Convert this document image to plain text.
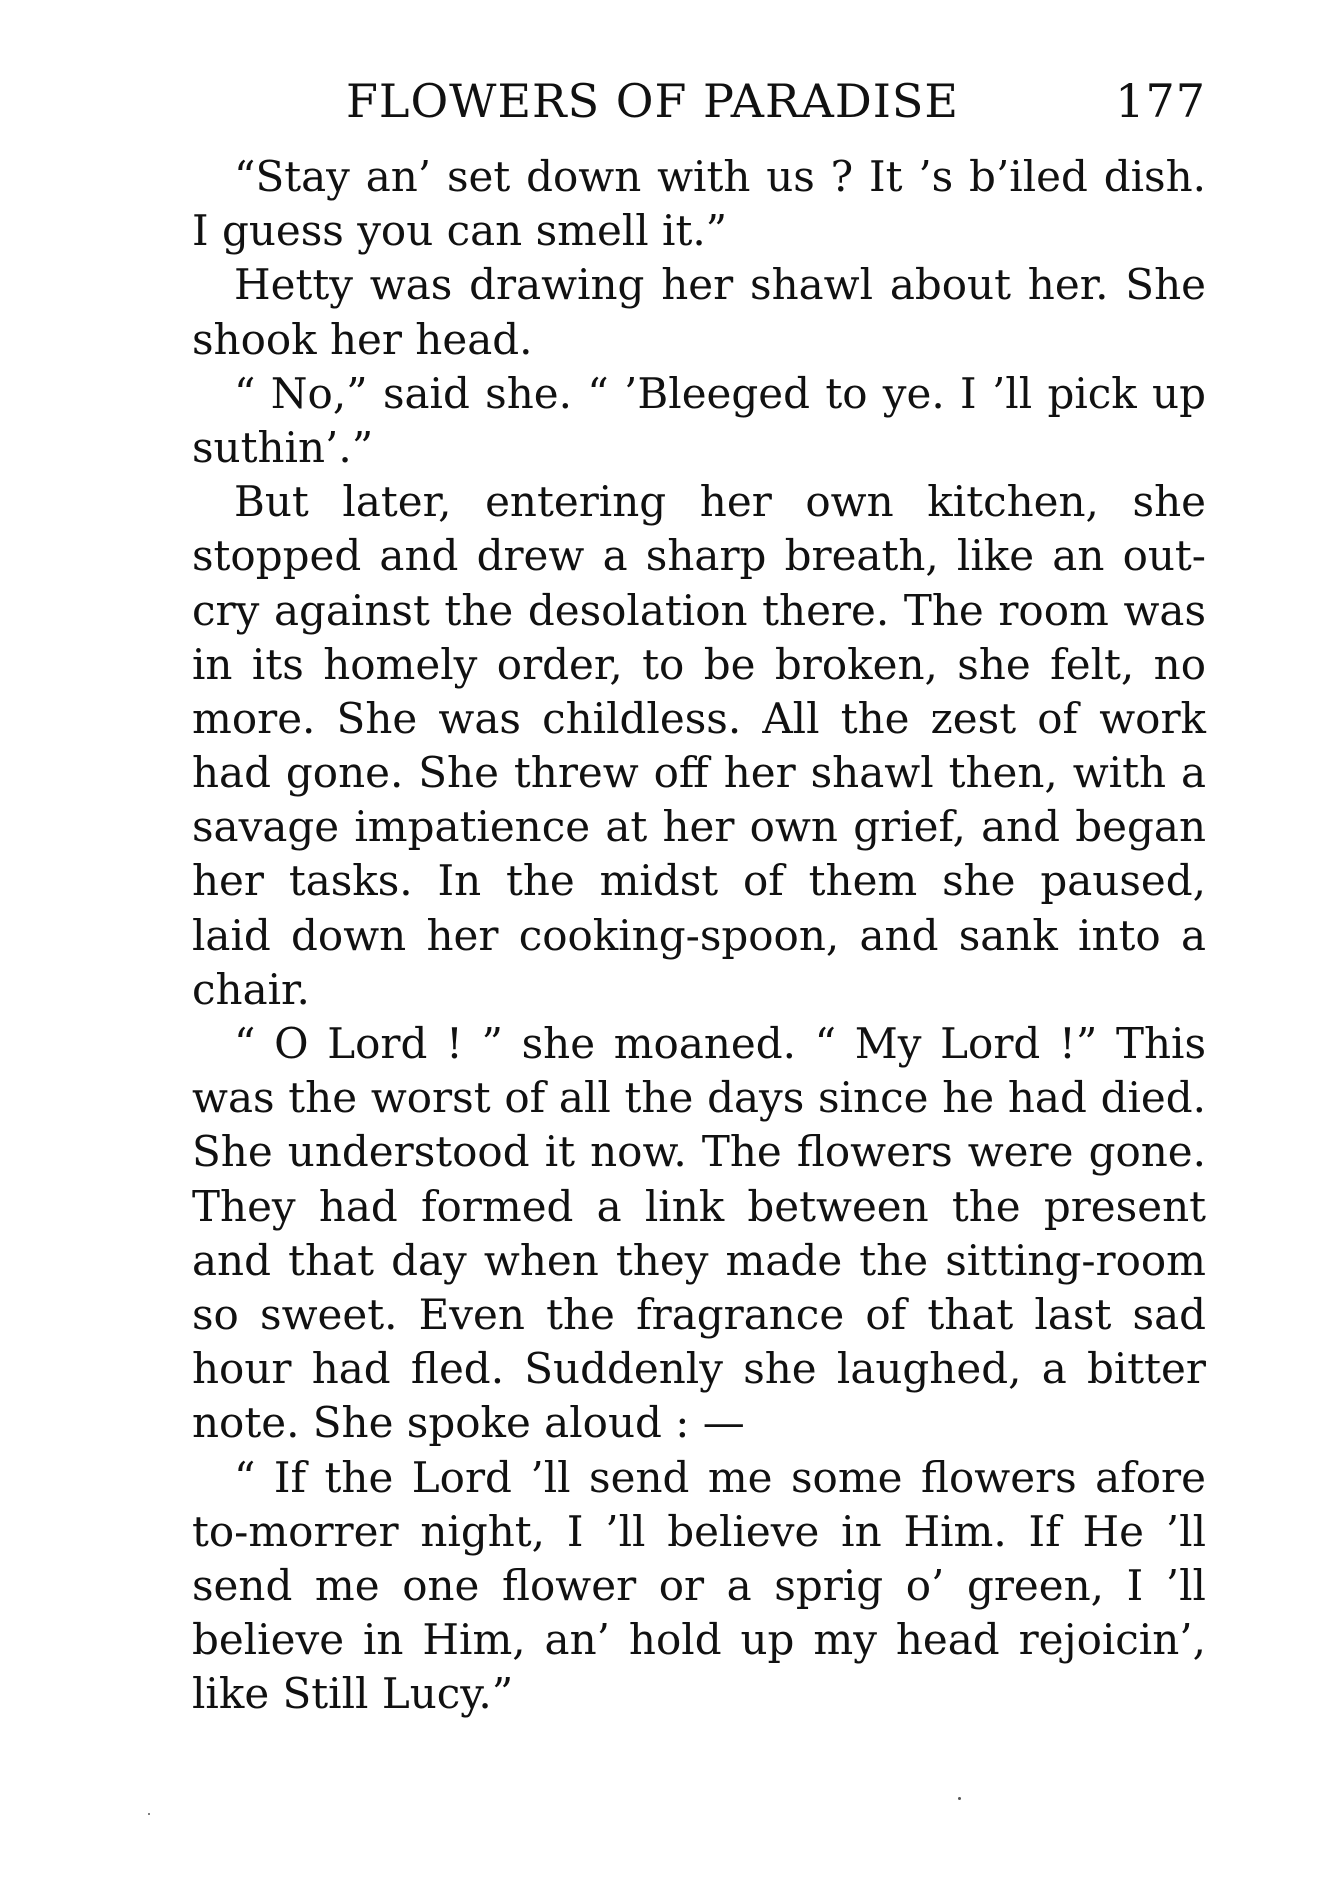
FLOWERS OF PARADISE	177
“Stay an’ set down with us ? It ’s b’iled dish.
I guess you can smell it.”
Hetty was drawing her shawl about her. She
shook her head.
“ No,” said she. “ ’Bleeged to ye. I ’ll pick up
suthin’.”
But later, entering her own kitchen, she
stopped and drew a sharp breath, like an out-
cry against the desolation there. The room was
in its homely order, to be broken, she felt, no
more. She was childless. All the zest of work
had gone. She threw off her shawl then, with a
savage impatience at her own grief, and began
her tasks. In the midst of them she paused,
laid down her cooking-spoon, and sank into a
chair.
“ O Lord ! ” she moaned. “ My Lord !” This
was the worst of all the days since he had died.
She understood it now. The flowers were gone.
They had formed a link between the present
and that day when they made the sitting-room
so sweet. Even the fragrance of that last sad
hour had fled. Suddenly she laughed, a bitter
note. She spoke aloud : —
“ If the Lord ’ll send me some flowers afore
to-morrer night, I ’ll believe in Him. If He ’ll
send me one flower or a sprig o’ green, I ’ll
believe in Him, an’ hold up my head rejoicin’,
like Still Lucy.”
